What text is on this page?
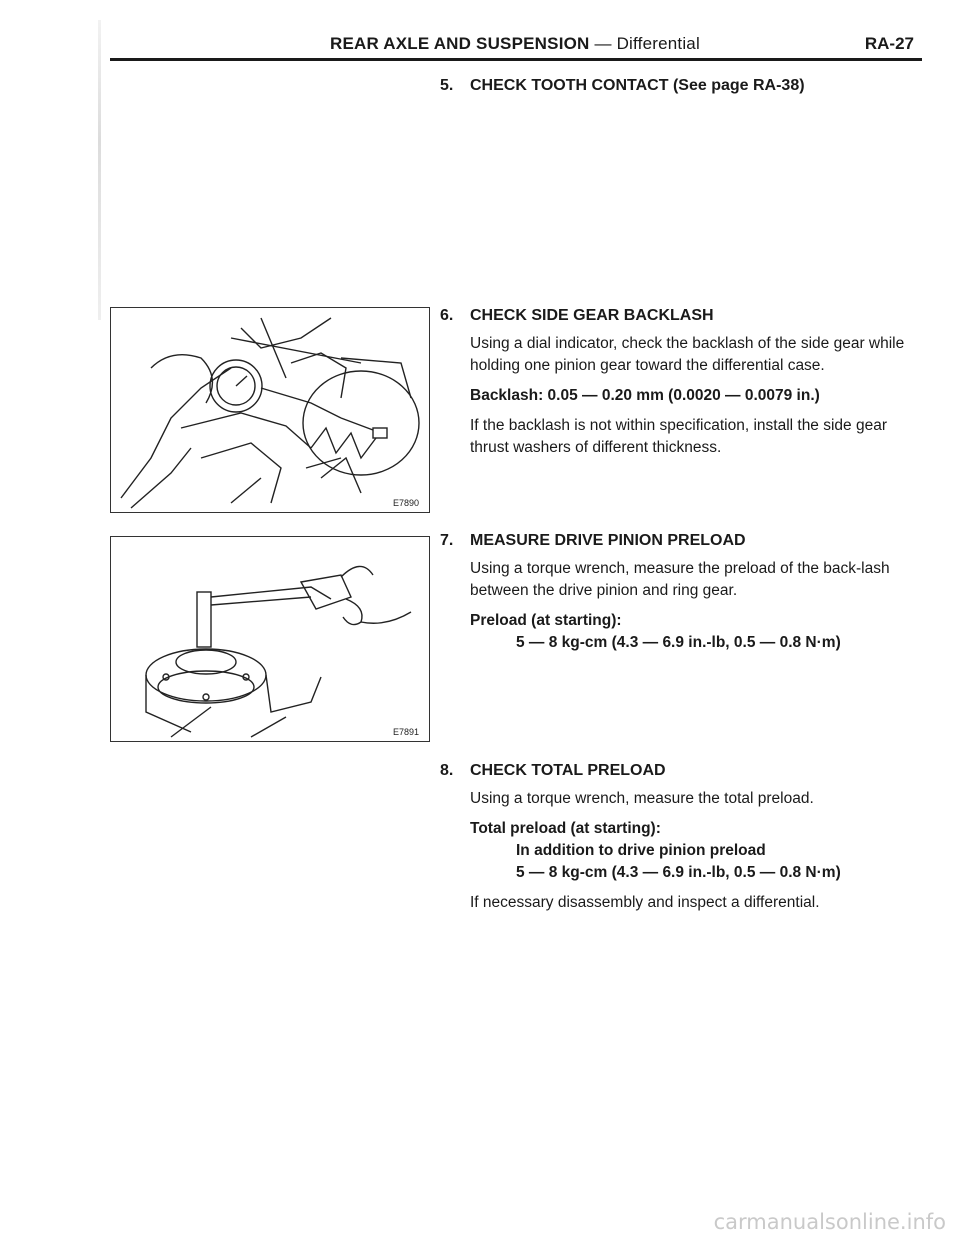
REAR AXLE AND SUSPENSION — Differential	RA-27
5. CHECK TOOTH CONTACT (See page RA-38)
6. CHECK SIDE GEAR BACKLASH
Using a dial indicator, check the backlash of the side gear while holding one pinion gear toward the differential case.
Backlash: 0.05 — 0.20 mm (0.0020 — 0.0079 in.)
If the backlash is not within specification, install the side gear thrust washers of different thickness.
7. MEASURE DRIVE PINION PRELOAD
Using a torque wrench, measure the preload of the back-lash between the drive pinion and ring gear.
Preload (at starting):
5 — 8 kg-cm (4.3 — 6.9 in.-lb, 0.5 — 0.8 N·m)
8. CHECK TOTAL PRELOAD
Using a torque wrench, measure the total preload.
Total preload (at starting):
In addition to drive pinion preload
5 — 8 kg-cm (4.3 — 6.9 in.-lb, 0.5 — 0.8 N·m)
If necessary disassembly and inspect a differential.
E7890
E7891
carmanualsonline.info
